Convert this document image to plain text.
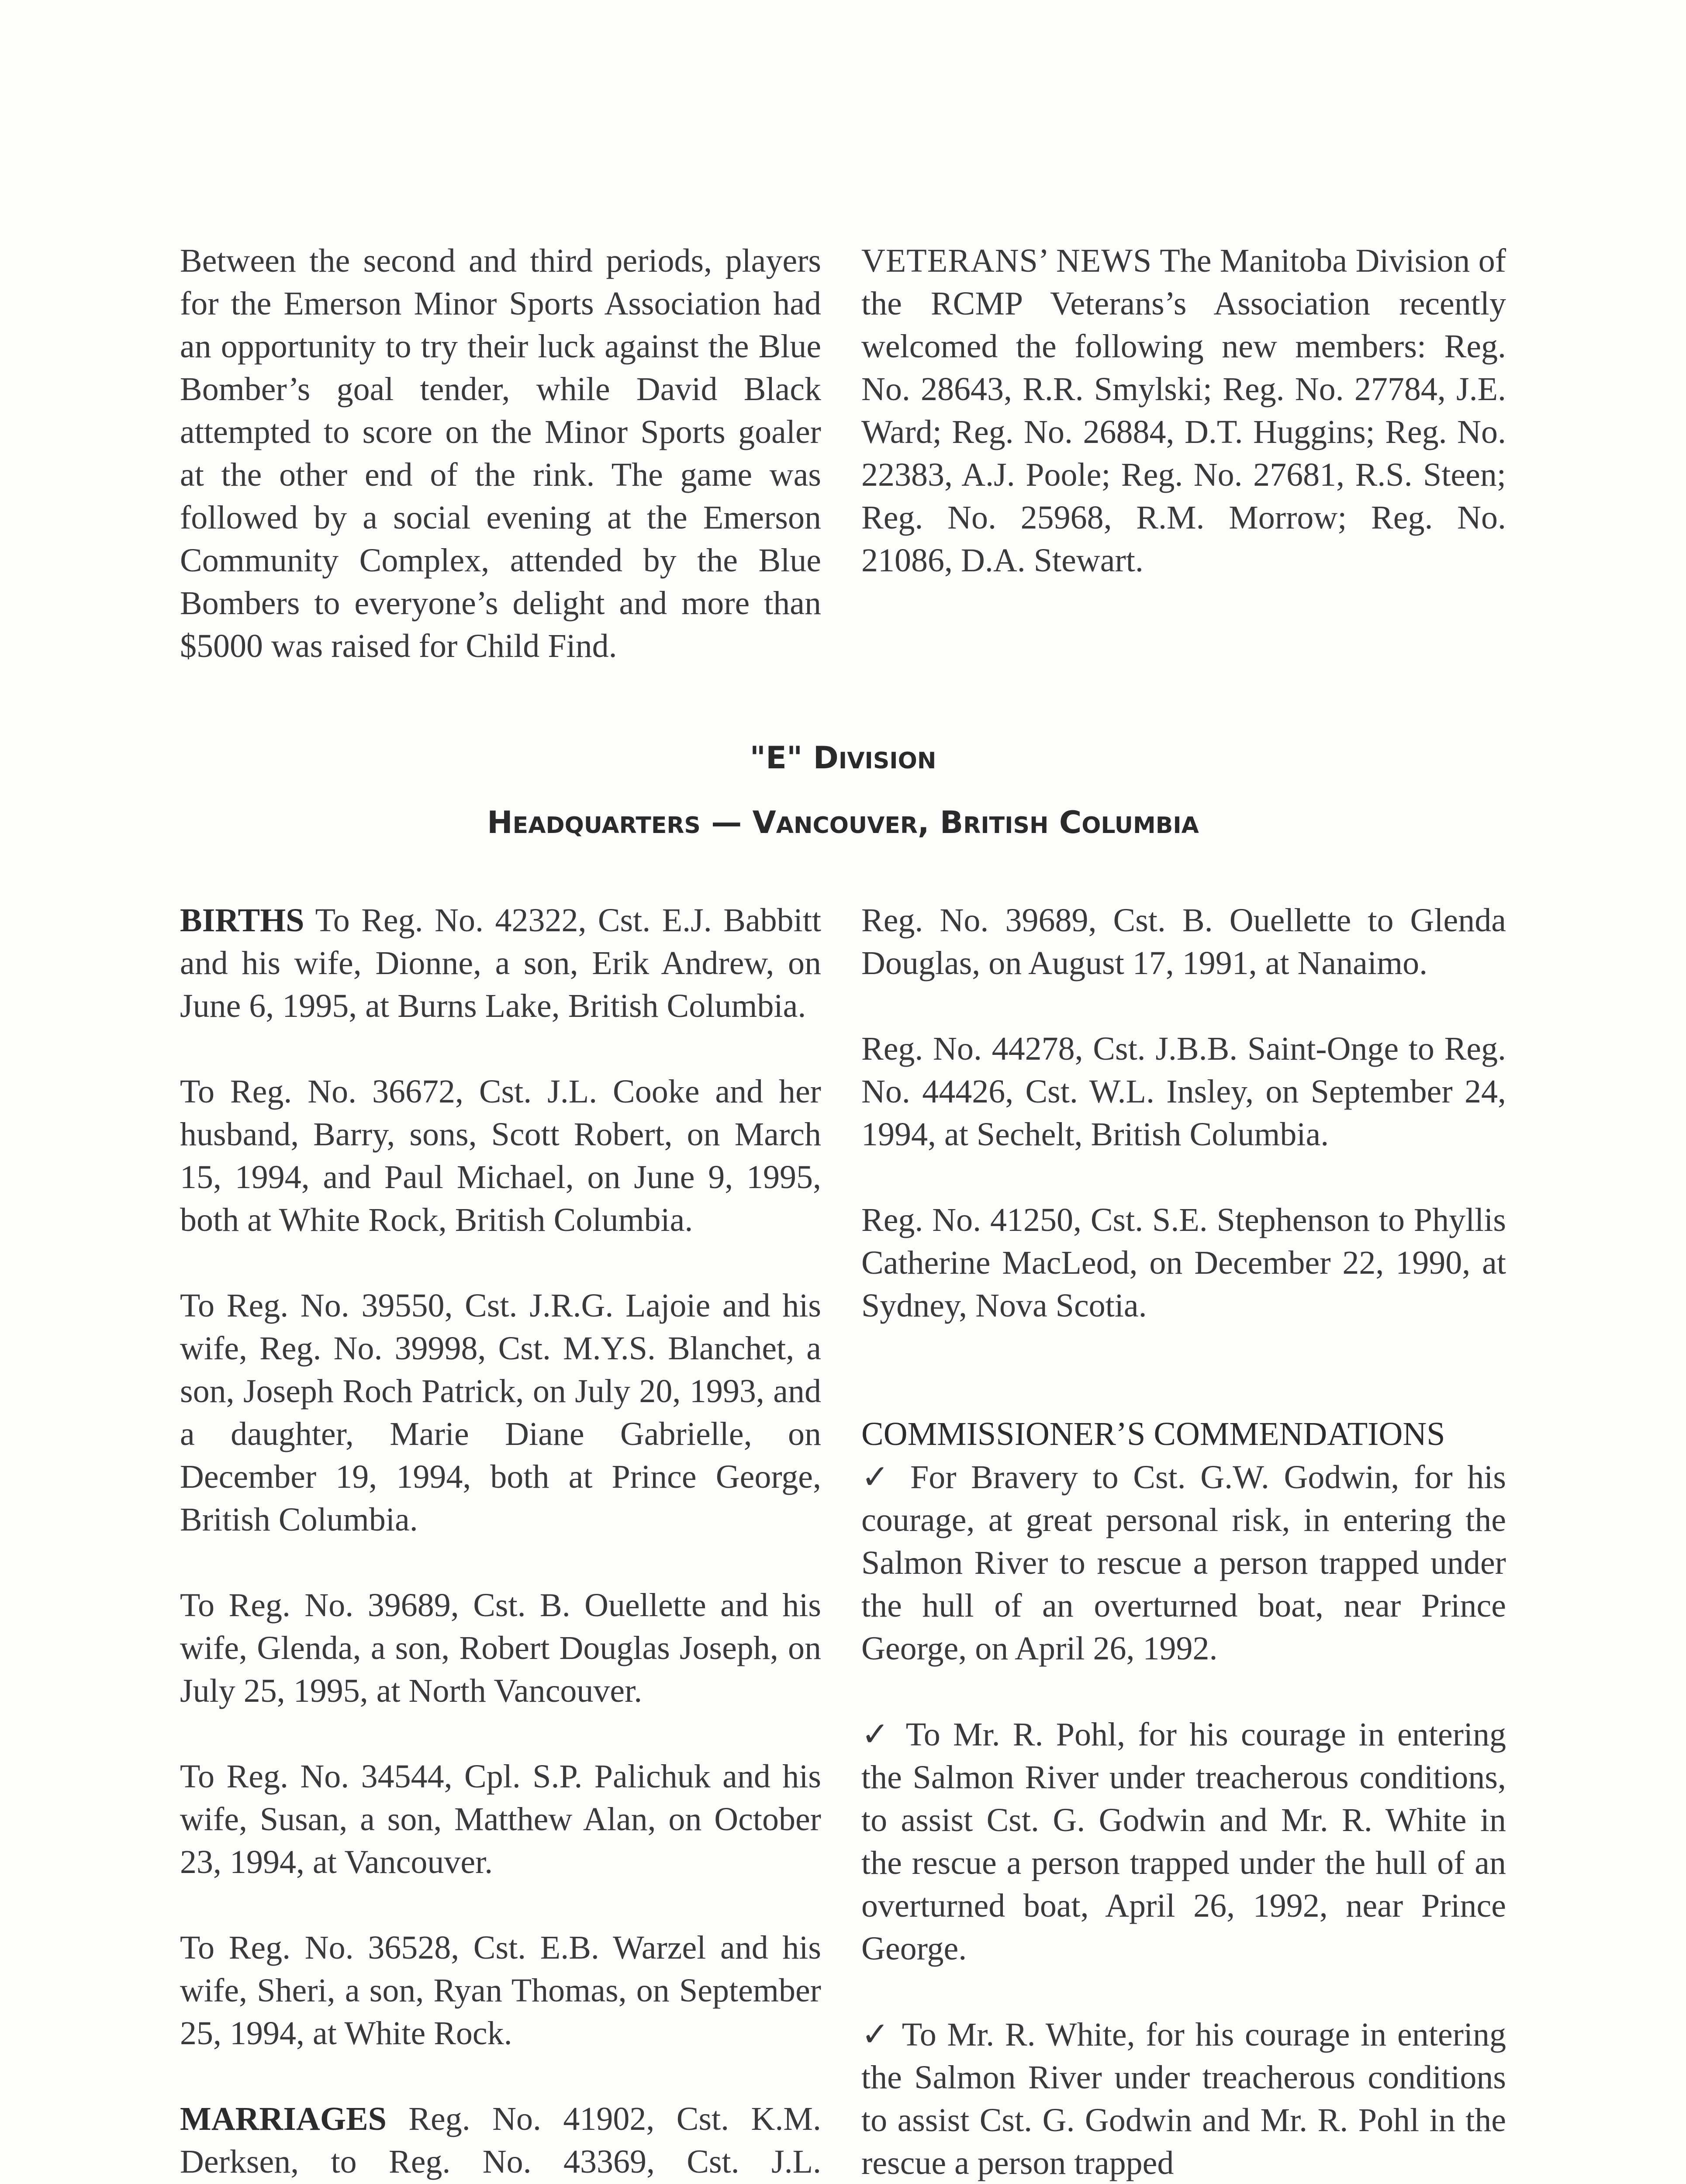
Between the second and third periods, players for the Emerson Minor Sports Association had an opportunity to try their luck against the Blue Bomber’s goal tender, while David Black attempted to score on the Minor Sports goaler at the other end of the rink. The game was followed by a social evening at the Emerson Community Complex, attended by the Blue Bombers to everyone’s delight and more than $5000 was raised for Child Find.

VETERANS’ NEWS The Manitoba Division of the RCMP Veterans’s Association recently welcomed the following new members: Reg. No. 28643, R.R. Smylski; Reg. No. 27784, J.E. Ward; Reg. No. 26884, D.T. Huggins; Reg. No. 22383, A.J. Poole; Reg. No. 27681, R.S. Steen; Reg. No. 25968, R.M. Morrow; Reg. No. 21086, D.A. Stewart.

"E" DIVISION
HEADQUARTERS — VANCOUVER, BRITISH COLUMBIA

BIRTHS To Reg. No. 42322, Cst. E.J. Babbitt and his wife, Dionne, a son, Erik Andrew, on June 6, 1995, at Burns Lake, British Columbia.

To Reg. No. 36672, Cst. J.L. Cooke and her husband, Barry, sons, Scott Robert, on March 15, 1994, and Paul Michael, on June 9, 1995, both at White Rock, British Columbia.

To Reg. No. 39550, Cst. J.R.G. Lajoie and his wife, Reg. No. 39998, Cst. M.Y.S. Blanchet, a son, Joseph Roch Patrick, on July 20, 1993, and a daughter, Marie Diane Gabrielle, on December 19, 1994, both at Prince George, British Columbia.

To Reg. No. 39689, Cst. B. Ouellette and his wife, Glenda, a son, Robert Douglas Joseph, on July 25, 1995, at North Vancouver.

To Reg. No. 34544, Cpl. S.P. Palichuk and his wife, Susan, a son, Matthew Alan, on October 23, 1994, at Vancouver.

To Reg. No. 36528, Cst. E.B. Warzel and his wife, Sheri, a son, Ryan Thomas, on September 25, 1994, at White Rock.

MARRIAGES Reg. No. 41902, Cst. K.M. Derksen, to Reg. No. 43369, Cst. J.L.

Reg. No. 39689, Cst. B. Ouellette to Glenda Douglas, on August 17, 1991, at Nanaimo.

Reg. No. 44278, Cst. J.B.B. Saint-Onge to Reg. No. 44426, Cst. W.L. Insley, on September 24, 1994, at Sechelt, British Columbia.

Reg. No. 41250, Cst. S.E. Stephenson to Phyllis Catherine MacLeod, on December 22, 1990, at Sydney, Nova Scotia.

COMMISSIONER’S COMMENDATIONS

✓ For Bravery to Cst. G.W. Godwin, for his courage, at great personal risk, in entering the Salmon River to rescue a person trapped under the hull of an overturned boat, near Prince George, on April 26, 1992.

✓ To Mr. R. Pohl, for his courage in entering the Salmon River under treacherous conditions, to assist Cst. G. Godwin and Mr. R. White in the rescue a person trapped under the hull of an overturned boat, April 26, 1992, near Prince George.

✓ To Mr. R. White, for his courage in entering the Salmon River under treacherous conditions to assist Cst. G. Godwin and Mr. R. Pohl in the rescue a person trapped
